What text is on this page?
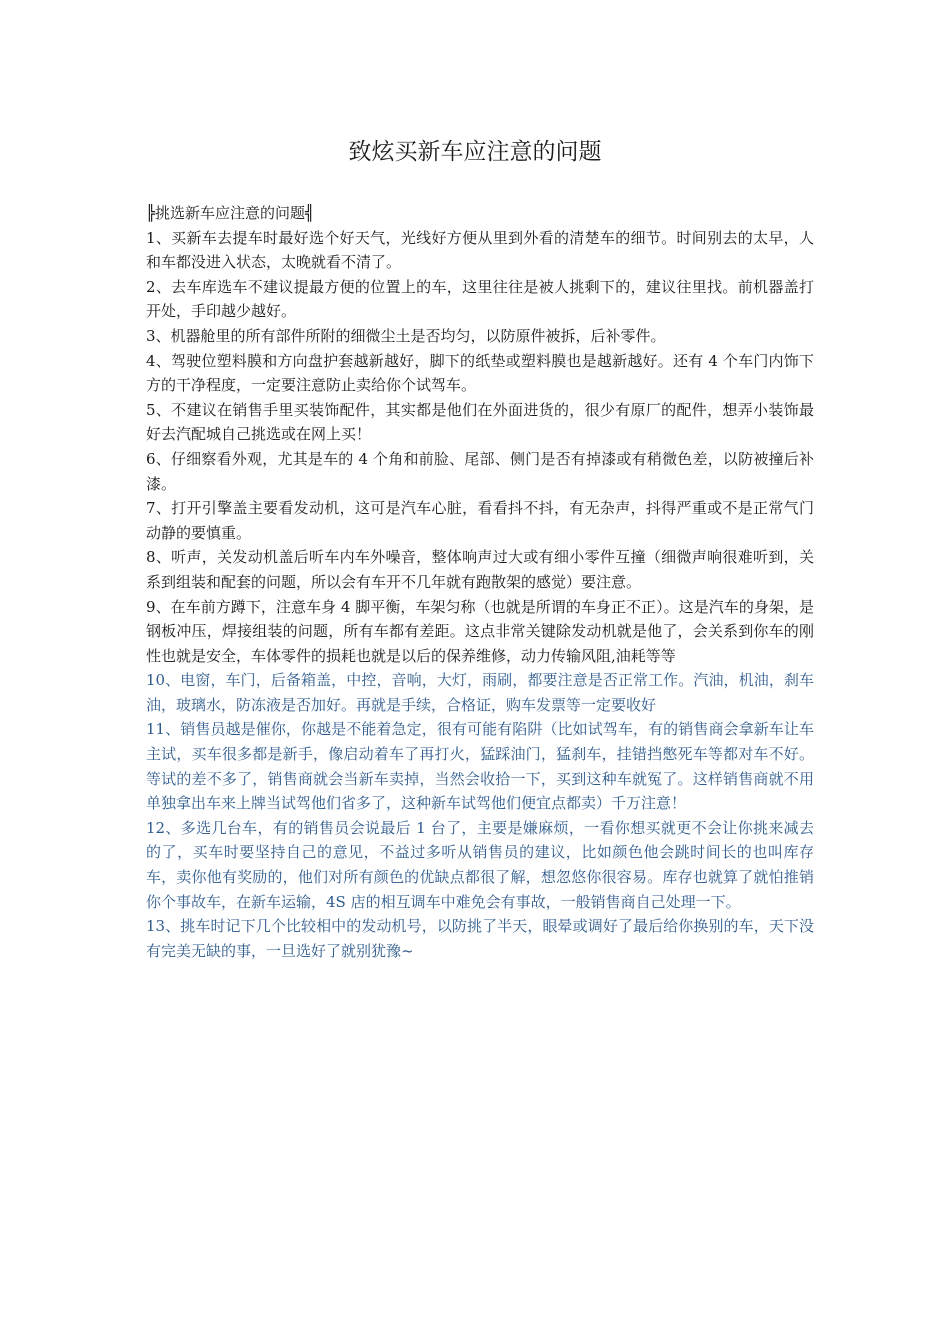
致炫买新车应注意的问题

╠挑选新车应注意的问题╣

1、买新车去提车时最好选个好天气，光线好方便从里到外看的清楚车的细节。时间别去的太早，人和车都没进入状态，太晚就看不清了。

2、去车库选车不建议提最方便的位置上的车，这里往往是被人挑剩下的，建议往里找。前机器盖打开处，手印越少越好。

3、机器舱里的所有部件所附的细微尘土是否均匀，以防原件被拆，后补零件。

4、驾驶位塑料膜和方向盘护套越新越好，脚下的纸垫或塑料膜也是越新越好。还有 4 个车门内饰下方的干净程度，一定要注意防止卖给你个试驾车。

5、不建议在销售手里买装饰配件，其实都是他们在外面进货的，很少有原厂的配件，想弄小装饰最好去汽配城自己挑选或在网上买！

6、仔细察看外观，尤其是车的 4 个角和前脸、尾部、侧门是否有掉漆或有稍微色差，以防被撞后补漆。

7、打开引擎盖主要看发动机，这可是汽车心脏，看看抖不抖，有无杂声，抖得严重或不是正常气门动静的要慎重。

8、听声，关发动机盖后听车内车外噪音，整体响声过大或有细小零件互撞（细微声响很难听到，关系到组装和配套的问题，所以会有车开不几年就有跑散架的感觉）要注意。

9、在车前方蹲下，注意车身 4 脚平衡，车架匀称（也就是所谓的车身正不正）。这是汽车的身架，是钢板冲压，焊接组装的问题，所有车都有差距。这点非常关键除发动机就是他了，会关系到你车的刚性也就是安全，车体零件的损耗也就是以后的保养维修，动力传输风阻,油耗等等

10、电窗，车门，后备箱盖，中控，音响，大灯，雨刷，都要注意是否正常工作。汽油，机油，刹车油，玻璃水，防冻液是否加好。再就是手续，合格证，购车发票等一定要收好

11、销售员越是催你，你越是不能着急定，很有可能有陷阱（比如试驾车，有的销售商会拿新车让车主试，买车很多都是新手，像启动着车了再打火，猛踩油门，猛刹车，挂错挡憋死车等都对车不好。等试的差不多了，销售商就会当新车卖掉，当然会收拾一下，买到这种车就冤了。这样销售商就不用单独拿出车来上牌当试驾他们省多了，这种新车试驾他们便宜点都卖）千万注意！

12、多选几台车，有的销售员会说最后 1 台了，主要是嫌麻烦，一看你想买就更不会让你挑来减去的了，买车时要坚持自己的意见，不益过多听从销售员的建议，比如颜色他会跳时间长的也叫库存车，卖你他有奖励的，他们对所有颜色的优缺点都很了解，想忽悠你很容易。库存也就算了就怕推销你个事故车，在新车运输，4S 店的相互调车中难免会有事故，一般销售商自己处理一下。

13、挑车时记下几个比较相中的发动机号，以防挑了半天，眼晕或调好了最后给你换别的车，天下没有完美无缺的事，一旦选好了就别犹豫~
